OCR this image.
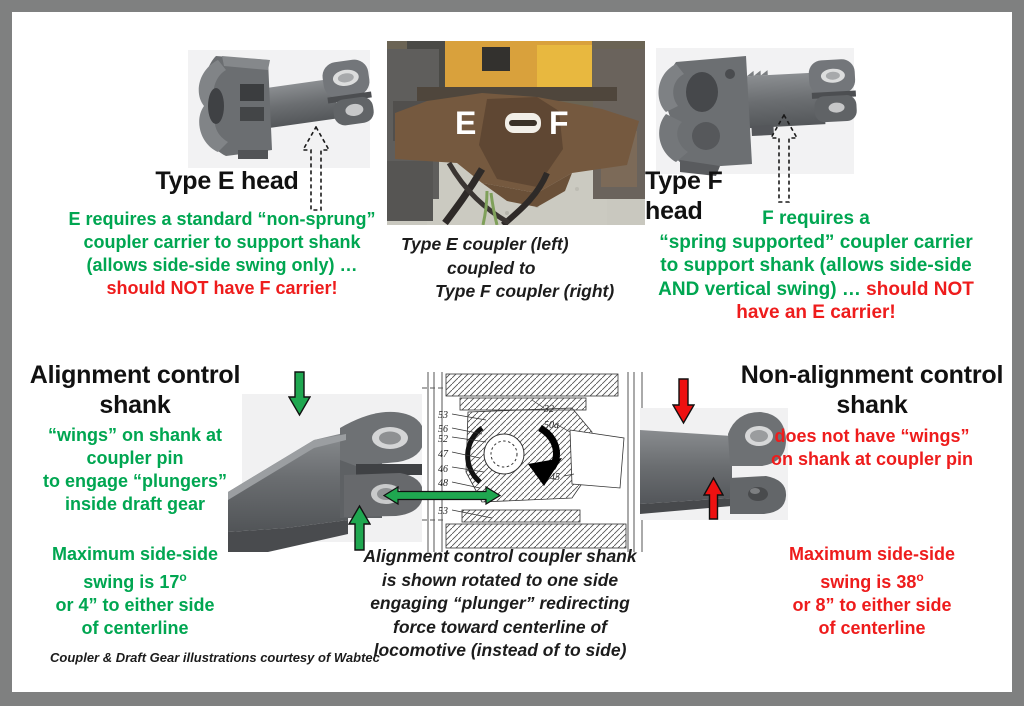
Type E head
E requires a standard “non-sprung”
coupler carrier to support shank
(allows side-side swing only) …
should NOT have F carrier!
E F
Type E coupler (left)
coupled to
Type F coupler (right)
Type F head	F requires a
“spring supported” coupler carrier
to support shank (allows side-side
AND vertical swing) … should NOT
have an E carrier!
Alignment control
shank
“wings” on shank at
coupler pin
to engage “plungers”
inside draft gear
Maximum side-side
swing is 17$^o$
or 4” to either side
of centerline
Coupler & Draft Gear illustrations courtesy of Wabtec
53
56
52
47
46
48
53
32
50a
45
Alignment control coupler shank
is shown rotated to one side
engaging “plunger” redirecting
force toward centerline of
locomotive (instead of to side)
Non-alignment control
shank
does not have “wings”
on shank at coupler pin
Maximum side-side
swing is 38$^o$
or 8” to either side
of centerline
